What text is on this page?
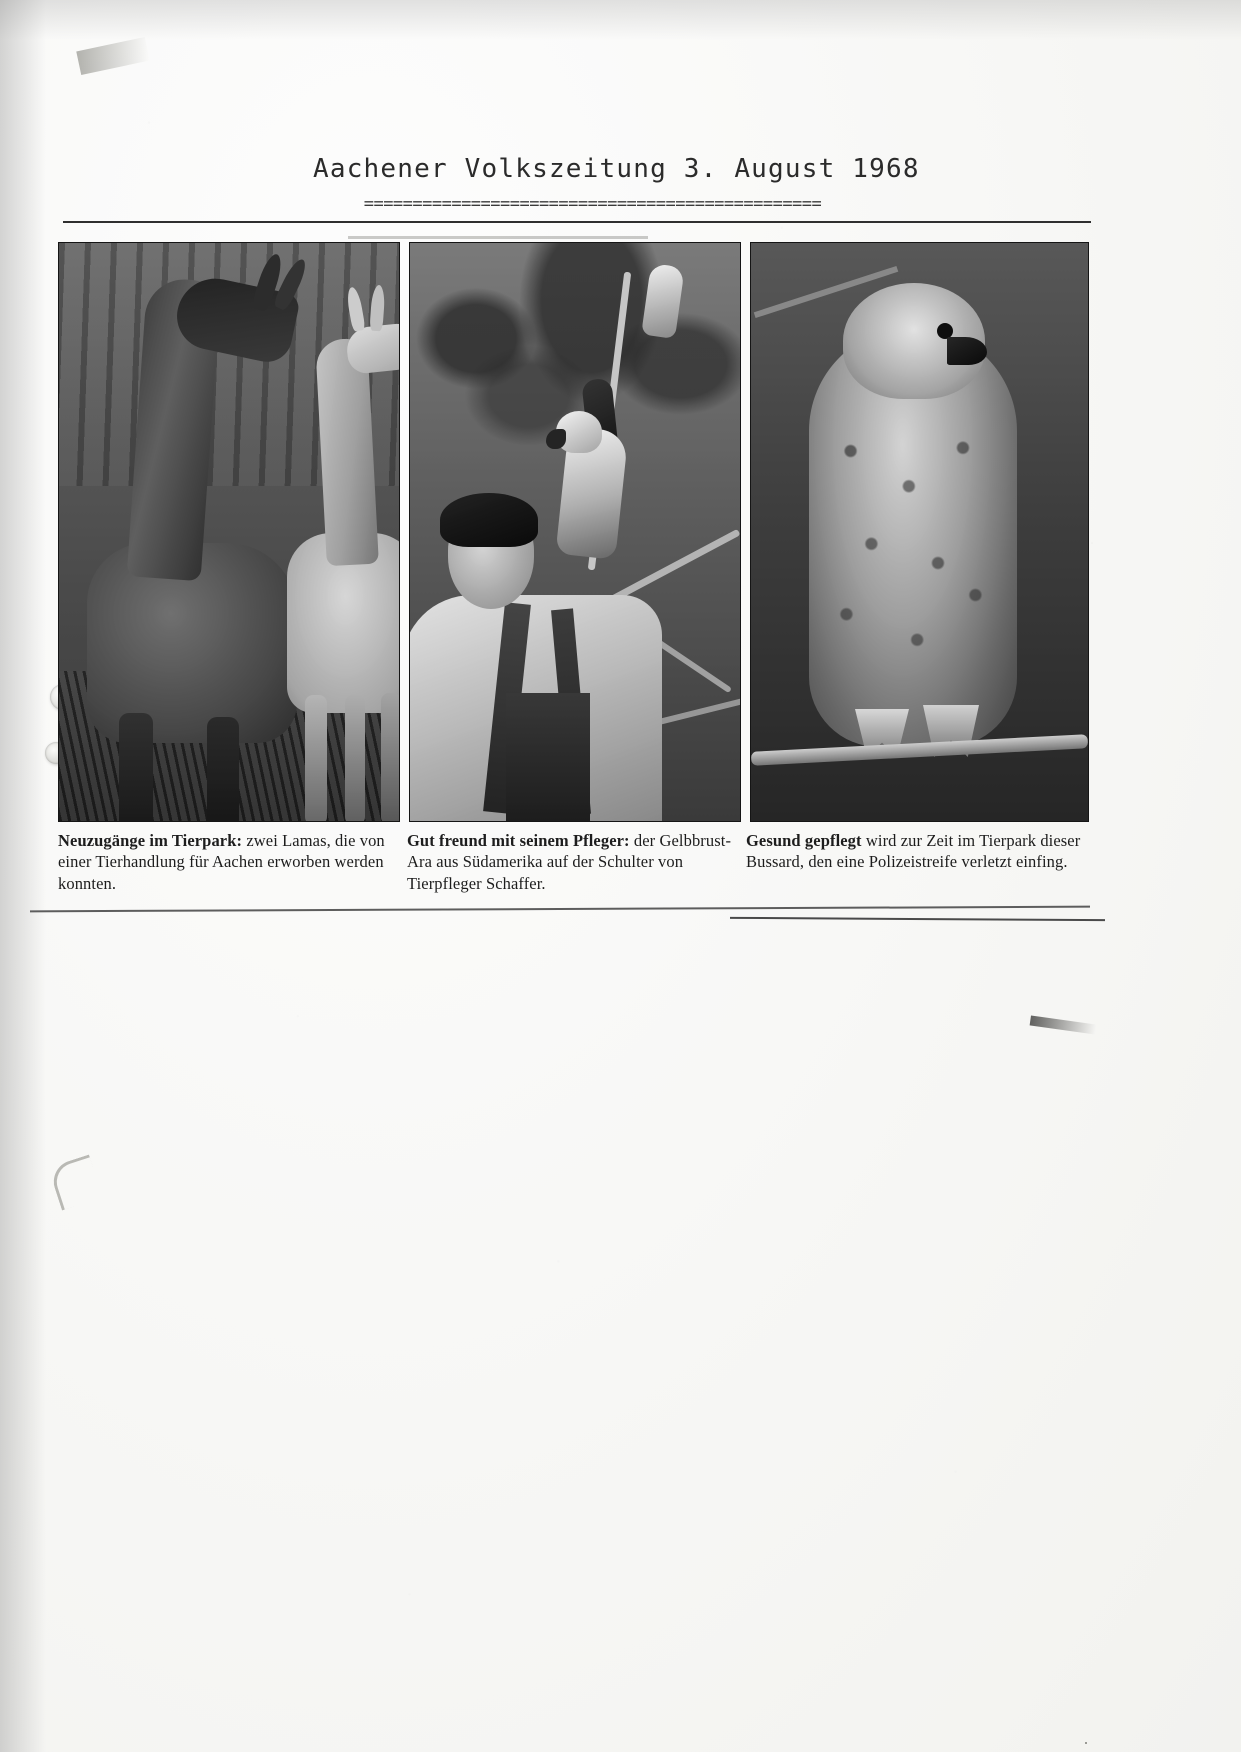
Aachener Volkszeitung 3. August 1968
===============================================
Neuzugänge im Tierpark: zwei Lamas, die von einer Tierhandlung für Aachen erworben werden konnten.
Gut freund mit seinem Pfleger: der Gelbbrust-Ara aus Südamerika auf der Schulter von Tierpfleger Schaffer.
Gesund gepflegt wird zur Zeit im Tierpark dieser Bussard, den eine Polizeistreife verletzt einfing.
